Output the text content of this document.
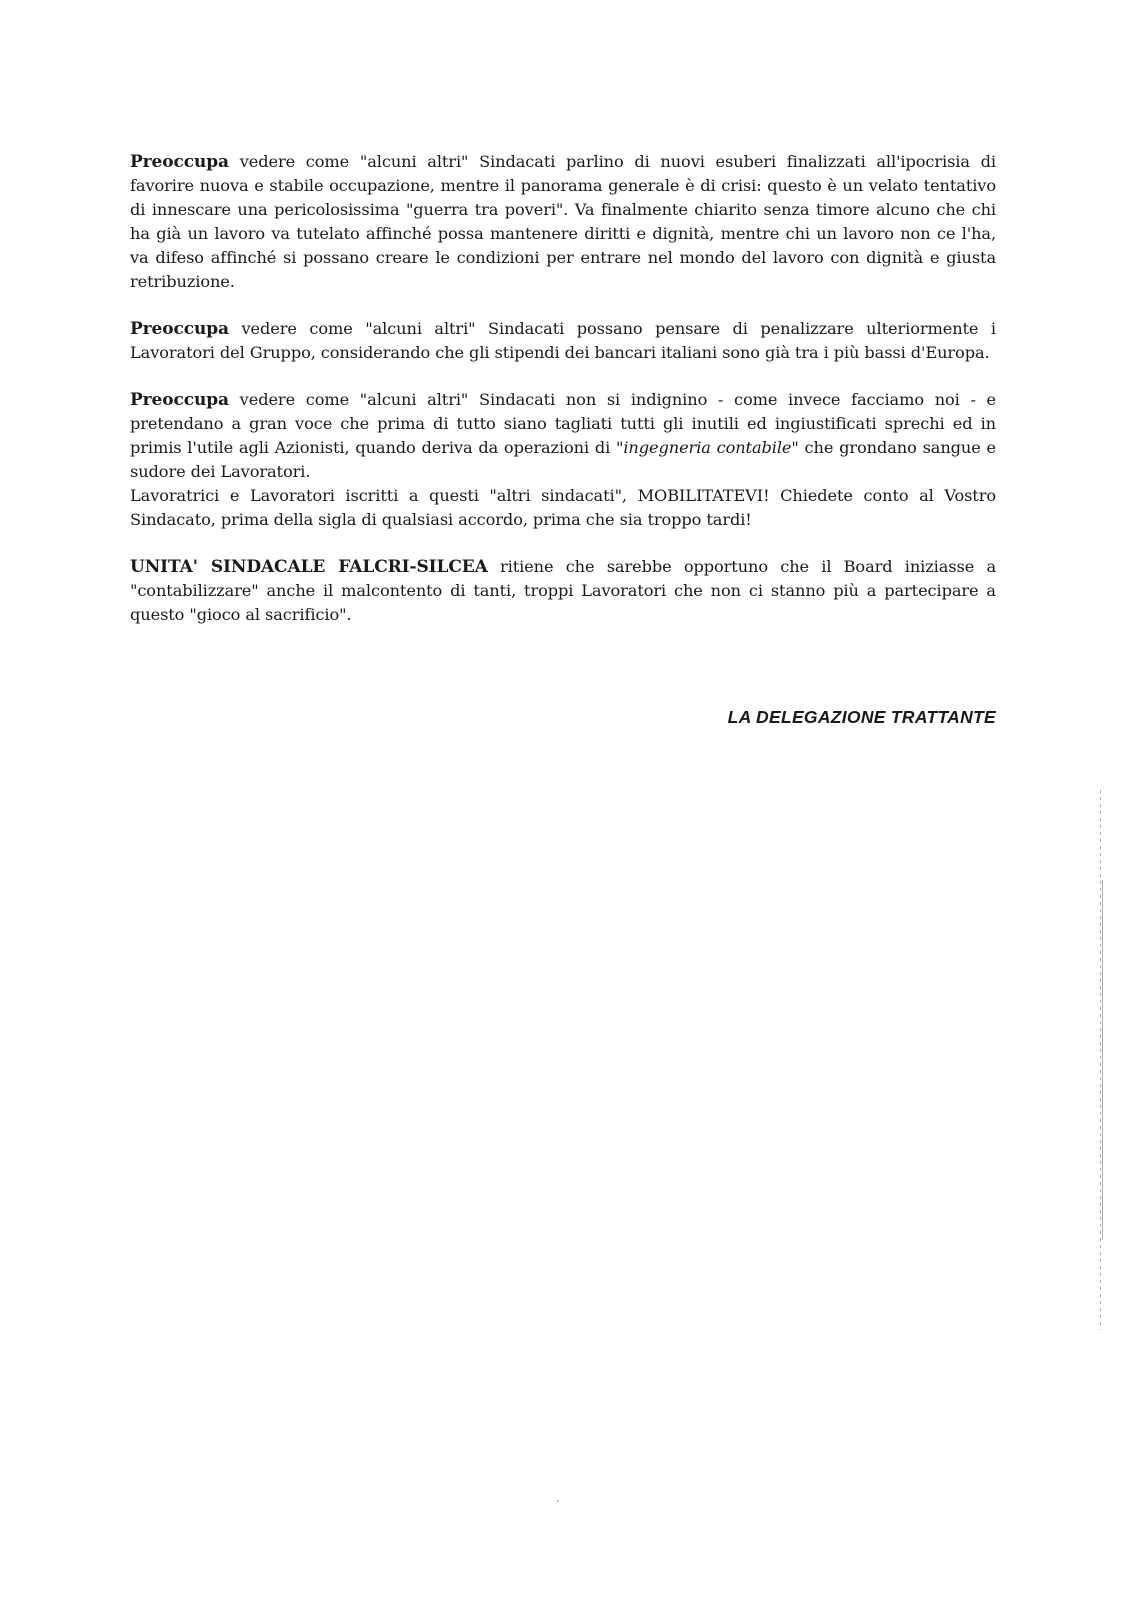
Preoccupa vedere come "alcuni altri" Sindacati parlino di nuovi esuberi finalizzati all'ipocrisia di favorire nuova e stabile occupazione, mentre il panorama generale è di crisi: questo è un velato tentativo di innescare una pericolosissima "guerra tra poveri". Va finalmente chiarito senza timore alcuno che chi ha già un lavoro va tutelato affinché possa mantenere diritti e dignità, mentre chi un lavoro non ce l'ha, va difeso affinché si possano creare le condizioni per entrare nel mondo del lavoro con dignità e giusta retribuzione.

Preoccupa vedere come "alcuni altri" Sindacati possano pensare di penalizzare ulteriormente i Lavoratori del Gruppo, considerando che gli stipendi dei bancari italiani sono già tra i più bassi d'Europa.

Preoccupa vedere come "alcuni altri" Sindacati non si indignino - come invece facciamo noi - e pretendano a gran voce che prima di tutto siano tagliati tutti gli inutili ed ingiustificati sprechi ed in primis l'utile agli Azionisti, quando deriva da operazioni di "ingegneria contabile" che grondano sangue e sudore dei Lavoratori.

Lavoratrici e Lavoratori iscritti a questi "altri sindacati", MOBILITATEVI! Chiedete conto al Vostro Sindacato, prima della sigla di qualsiasi accordo, prima che sia troppo tardi!

UNITA' SINDACALE FALCRI-SILCEA ritiene che sarebbe opportuno che il Board iniziasse a "contabilizzare" anche il malcontento di tanti, troppi Lavoratori che non ci stanno più a partecipare a questo "gioco al sacrificio".

LA DELEGAZIONE TRATTANTE
